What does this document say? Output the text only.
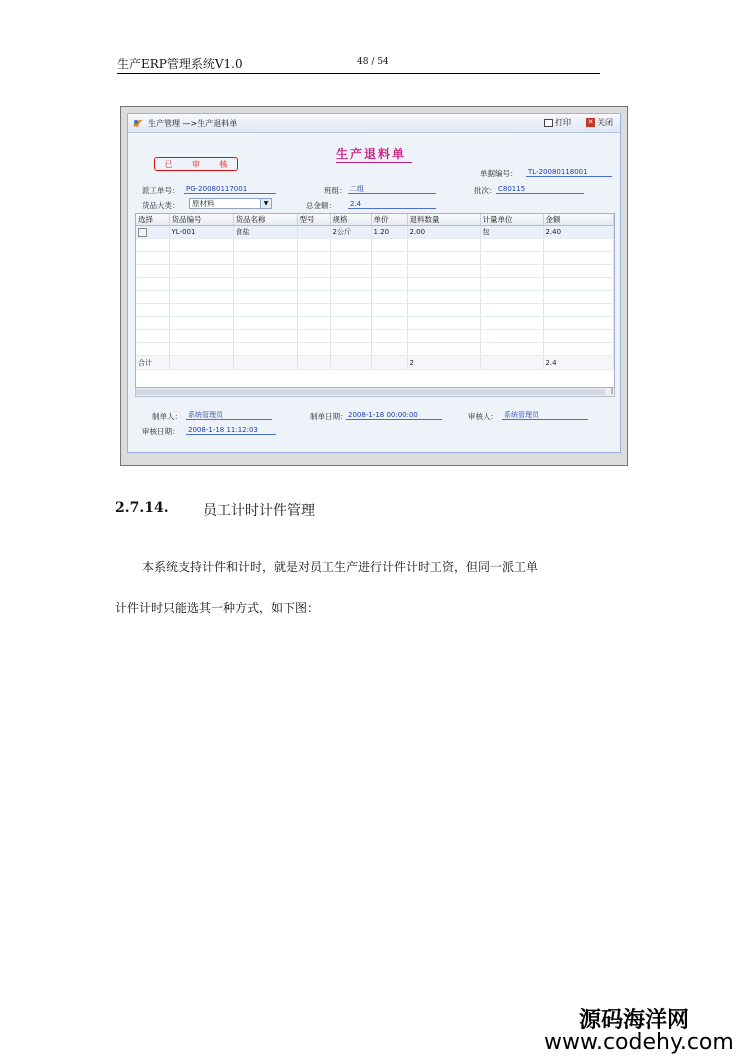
生产ERP管理系统V1.0	48 / 54
生产管理 —>生产退料单	打印 ✕ 关闭
生产退料单
已 审 核
单据编号： TL-20080118001
派工单号： PG-20080117001	班组： 二组	批次： C80115
货品大类：	原材料	▼	总金额： 2.4
选择	货品编号	货品名称	型号	规格	单价	退料数量	计量单位	金额
	YL-001	食盐		2公斤	1.20	2.00	包	2.40

合计						2		2.4
|
制单人： 系统管理员	制单日期： 2008-1-18 00:00:00	审核人： 系统管理员
审核日期： 2008-1-18 11:12:03
2.7.14. 员工计时计件管理
本系统支持计件和计时，就是对员工生产进行计件计时工资，但同一派工单
计件计时只能选其一种方式，如下图：
源码海洋网
www.codehy.com
